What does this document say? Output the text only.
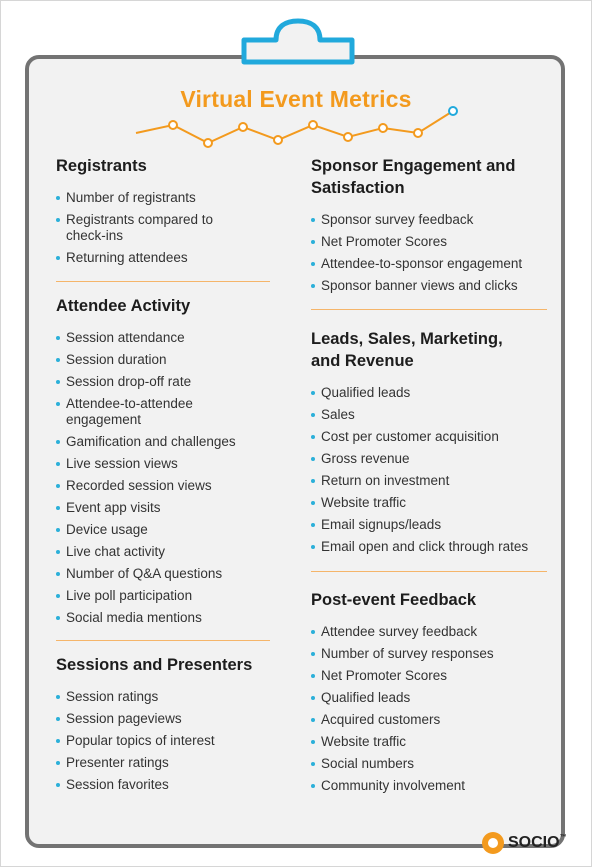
Virtual Event Metrics
Registrants
Number of registrants
Registrants compared to check-ins
Returning attendees
Attendee Activity
Session attendance
Session duration
Session drop-off rate
Attendee-to-attendee engagement
Gamification and challenges
Live session views
Recorded session views
Event app visits
Device usage
Live chat activity
Number of Q&A questions
Live poll participation
Social media mentions
Sessions and Presenters
Session ratings
Session pageviews
Popular topics of interest
Presenter ratings
Session favorites
Sponsor Engagement and Satisfaction
Sponsor survey feedback
Net Promoter Scores
Attendee-to-sponsor engagement
Sponsor banner views and clicks
Leads, Sales, Marketing, and Revenue
Qualified leads
Sales
Cost per customer acquisition
Gross revenue
Return on investment
Website traffic
Email signups/leads
Email open and click through rates
Post-event Feedback
Attendee survey feedback
Number of survey responses
Net Promoter Scores
Qualified leads
Acquired customers
Website traffic
Social numbers
Community involvement
SOCIO™
